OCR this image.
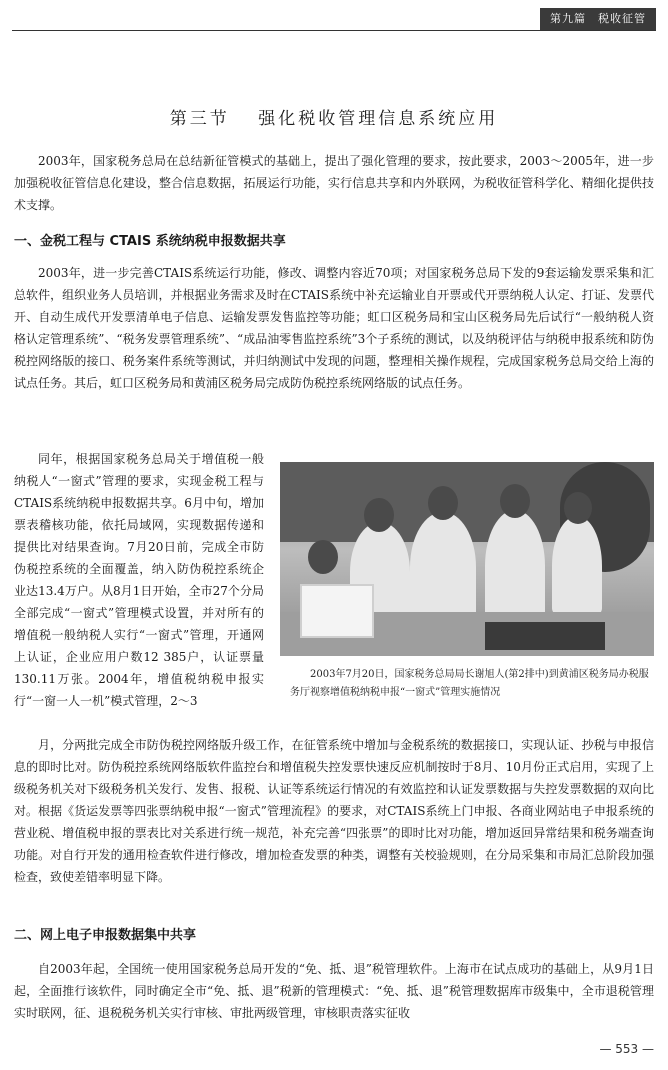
第九篇　税收征管
第三节　 强化税收管理信息系统应用

2003年，国家税务总局在总结新征管模式的基础上，提出了强化管理的要求，按此要求，2003～2005年，进一步加强税收征管信息化建设，整合信息数据，拓展运行功能，实行信息共享和内外联网，为税收征管科学化、精细化提供技术支撑。

一、金税工程与 CTAIS 系统纳税申报数据共享

2003年，进一步完善CTAIS系统运行功能，修改、调整内容近70项；对国家税务总局下发的9套运输发票采集和汇总软件，组织业务人员培训，并根据业务需求及时在CTAIS系统中补充运输业自开票或代开票纳税人认定、打证、发票代开、自动生成代开发票清单电子信息、运输发票发售监控等功能；虹口区税务局和宝山区税务局先后试行“一般纳税人资格认定管理系统”、“税务发票管理系统”、“成品油零售监控系统”3个子系统的测试，以及纳税评估与纳税申报系统和防伪税控网络版的接口、税务案件系统等测试，并归纳测试中发现的问题，整理相关操作规程，完成国家税务总局交给上海的试点任务。其后，虹口区税务局和黄浦区税务局完成防伪税控系统网络版的试点任务。

同年，根据国家税务总局关于增值税一般纳税人“一窗式”管理的要求，实现金税工程与CTAIS系统纳税申报数据共享。6月中旬，增加票表稽核功能，依托局域网，实现数据传递和提供比对结果查询。7月20日前，完成全市防伪税控系统的全面覆盖，纳入防伪税控系统企业达13.4万户。从8月1日开始，全市27个分局全部完成“一窗式”管理模式设置，并对所有的增值税一般纳税人实行“一窗式”管理，开通网上认证，企业应用户数12 385户，认证票量130.11万张。2004年，增值税纳税申报实行“一窗一人一机”模式管理，2～3

2003年7月20日，国家税务总局局长谢旭人(第2排中)到黄浦区税务局办税服务厅视察增值税纳税申报“一窗式”管理实施情况

月，分两批完成全市防伪税控网络版升级工作，在征管系统中增加与金税系统的数据接口，实现认证、抄税与申报信息的即时比对。防伪税控系统网络版软件监控台和增值税失控发票快速反应机制按时于8月、10月份正式启用，实现了上级税务机关对下级税务机关发行、发售、报税、认证等系统运行情况的有效监控和认证发票数据与失控发票数据的双向比对。根据《货运发票等四张票纳税申报“一窗式”管理流程》的要求，对CTAIS系统上门申报、各商业网站电子申报系统的营业税、增值税申报的票表比对关系进行统一规范，补充完善“四张票”的即时比对功能，增加返回异常结果和税务端查询功能。对自行开发的通用检查软件进行修改，增加检查发票的种类，调整有关校验规则，在分局采集和市局汇总阶段加强检查，致使差错率明显下降。

二、网上电子申报数据集中共享

自2003年起，全国统一使用国家税务总局开发的“免、抵、退”税管理软件。上海市在试点成功的基础上，从9月1日起，全面推行该软件，同时确定全市“免、抵、退”税新的管理模式：“免、抵、退”税管理数据库市级集中，全市退税管理实时联网，征、退税税务机关实行审核、审批两级管理，审核职责落实征收

— 553 —
